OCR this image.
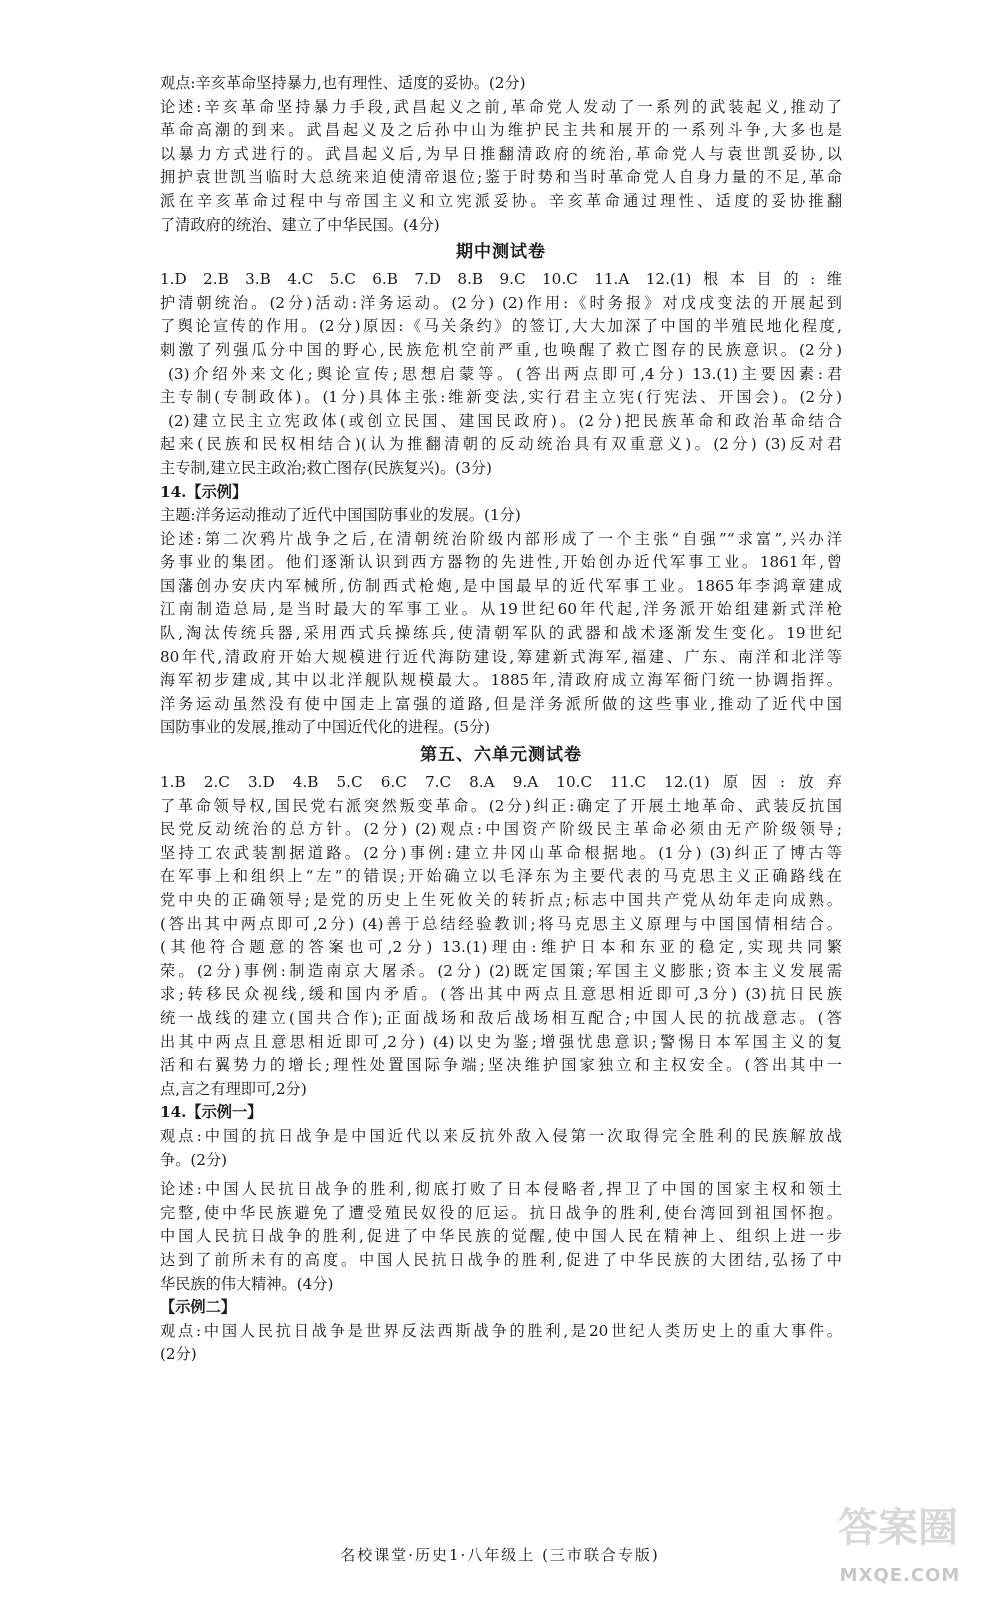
观点:辛亥革命坚持暴力,也有理性、适度的妥协。(2分)
论述:辛亥革命坚持暴力手段,武昌起义之前,革命党人发动了一系列的武装起义,推动了
革命高潮的到来。武昌起义及之后孙中山为维护民主共和展开的一系列斗争,大多也是
以暴力方式进行的。武昌起义后,为早日推翻清政府的统治,革命党人与袁世凯妥协,以
拥护袁世凯当临时大总统来迫使清帝退位;鉴于时势和当时革命党人自身力量的不足,革命
派在辛亥革命过程中与帝国主义和立宪派妥协。辛亥革命通过理性、适度的妥协推翻
了清政府的统治、建立了中华民国。(4分)
期中测试卷
1.D 2.B 3.B 4.C 5.C 6.B 7.D 8.B 9.C 10.C 11.A 12.(1)根本目的:维
护清朝统治。(2分)活动:洋务运动。(2分) (2)作用:《时务报》对戊戌变法的开展起到
了舆论宣传的作用。(2分)原因:《马关条约》的签订,大大加深了中国的半殖民地化程度,
刺激了列强瓜分中国的野心,民族危机空前严重,也唤醒了救亡图存的民族意识。(2分)
(3)介绍外来文化;舆论宣传;思想启蒙等。(答出两点即可,4分) 13.(1)主要因素:君
主专制(专制政体)。(1分)具体主张:维新变法,实行君主立宪(行宪法、开国会)。(2分)
(2)建立民主立宪政体(或创立民国、建国民政府)。(2分)把民族革命和政治革命结合
起来(民族和民权相结合)(认为推翻清朝的反动统治具有双重意义)。(2分) (3)反对君
主专制,建立民主政治;救亡图存(民族复兴)。(3分)
14.【示例】
主题:洋务运动推动了近代中国国防事业的发展。(1分)
论述:第二次鸦片战争之后,在清朝统治阶级内部形成了一个主张“自强”“求富”,兴办洋
务事业的集团。他们逐渐认识到西方器物的先进性,开始创办近代军事工业。1861年,曾
国藩创办安庆内军械所,仿制西式枪炮,是中国最早的近代军事工业。1865年李鸿章建成
江南制造总局,是当时最大的军事工业。从19世纪60年代起,洋务派开始组建新式洋枪
队,淘汰传统兵器,采用西式兵操练兵,使清朝军队的武器和战术逐渐发生变化。19世纪
80年代,清政府开始大规模进行近代海防建设,筹建新式海军,福建、广东、南洋和北洋等
海军初步建成,其中以北洋舰队规模最大。1885年,清政府成立海军衙门统一协调指挥。
洋务运动虽然没有使中国走上富强的道路,但是洋务派所做的这些事业,推动了近代中国
国防事业的发展,推动了中国近代化的进程。(5分)
第五、六单元测试卷
1.B 2.C 3.D 4.B 5.C 6.C 7.C 8.A 9.A 10.C 11.C 12.(1)原因:放弃
了革命领导权,国民党右派突然叛变革命。(2分)纠正:确定了开展土地革命、武装反抗国
民党反动统治的总方针。(2分) (2)观点:中国资产阶级民主革命必须由无产阶级领导;
坚持工农武装割据道路。(2分)事例:建立井冈山革命根据地。(1分) (3)纠正了博古等
在军事上和组织上“左”的错误;开始确立以毛泽东为主要代表的马克思主义正确路线在
党中央的正确领导;是党的历史上生死攸关的转折点;标志中国共产党从幼年走向成熟。
(答出其中两点即可,2分) (4)善于总结经验教训;将马克思主义原理与中国国情相结合。
(其他符合题意的答案也可,2分) 13.(1)理由:维护日本和东亚的稳定,实现共同繁
荣。(2分)事例:制造南京大屠杀。(2分) (2)既定国策;军国主义膨胀;资本主义发展需
求;转移民众视线,缓和国内矛盾。(答出其中两点且意思相近即可,3分) (3)抗日民族
统一战线的建立(国共合作);正面战场和敌后战场相互配合;中国人民的抗战意志。(答
出其中两点且意思相近即可,2分) (4)以史为鉴;增强忧患意识;警惕日本军国主义的复
活和右翼势力的增长;理性处置国际争端;坚决维护国家独立和主权安全。(答出其中一
点,言之有理即可,2分)
14.【示例一】
观点:中国的抗日战争是中国近代以来反抗外敌入侵第一次取得完全胜利的民族解放战
争。(2分)
论述:中国人民抗日战争的胜利,彻底打败了日本侵略者,捍卫了中国的国家主权和领土
完整,使中华民族避免了遭受殖民奴役的厄运。抗日战争的胜利,使台湾回到祖国怀抱。
中国人民抗日战争的胜利,促进了中华民族的觉醒,使中国人民在精神上、组织上进一步
达到了前所未有的高度。中国人民抗日战争的胜利,促进了中华民族的大团结,弘扬了中
华民族的伟大精神。(4分)
【示例二】
观点:中国人民抗日战争是世界反法西斯战争的胜利,是20世纪人类历史上的重大事件。
(2分)
名校课堂·历史1·八年级上 (三市联合专版)
答案圈
MXQE.COM
